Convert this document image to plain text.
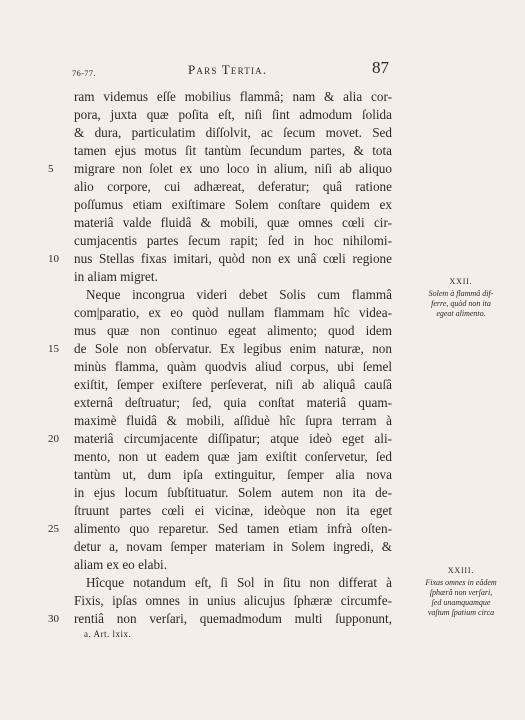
76-77.	Pars Tertia.	87
ram videmus eſſe mobilius flammâ; nam & alia cor-
pora, juxta quæ poſita eſt, niſi ſint admodum ſolida
& dura, particulatim diſſolvit, ac ſecum movet. Sed
tamen ejus motus ſit tantùm ſecundum partes, & tota
migrare non ſolet ex uno loco in alium, niſi ab aliquo
alio corpore, cui adhæreat, deferatur; quâ ratione
poſſumus etiam exiſtimare Solem conſtare quidem ex
materiâ valde fluidâ & mobili, quæ omnes cœli cir-
cumjacentis partes ſecum rapit; ſed in hoc nihilomi-
nus Stellas fixas imitari, quòd non ex unâ cœli regione
in aliam migret.
Neque incongrua videri debet Solis cum flammâ
com|paratio, ex eo quòd nullam flammam hîc videa-
mus quæ non continuo egeat alimento; quod idem
de Sole non obſervatur. Ex legibus enim naturæ, non
minùs flamma, quàm quodvis aliud corpus, ubi ſemel
exiſtit, ſemper exiſtere perſeverat, niſi ab aliquâ cauſâ
externâ deſtruatur; ſed, quia conſtat materiâ quam-
maximè fluidâ & mobili, aſſiduè hîc ſupra terram à
materiâ circumjacente diſſipatur; atque ideò eget ali-
mento, non ut eadem quæ jam exiſtit conſervetur, ſed
tantùm ut, dum ipſa extinguitur, ſemper alia nova
in ejus locum ſubſtituatur. Solem autem non ita de-
ſtruunt partes cœli ei vicinæ, ideòque non ita eget
alimento quo reparetur. Sed tamen etiam infrà oſten-
detur a, novam ſemper materiam in Solem ingredi, &
aliam ex eo elabi.
Hîcque notandum eſt, ſi Sol in ſitu non differat à
Fixis, ipſas omnes in unius alicujus ſphæræ circumfe-
rentiâ non verſari, quemadmodum multi ſupponunt,
5
10
15
20
25
30
XXII.
Solem à flammâ dif-
ferre, quòd non ita
egeat alimento.
XXIII.
Fixas omnes in eâdem
ſphærâ non verſari,
ſed unamquamque
vaſtum ſpatium circa
a. Art. lxix.
